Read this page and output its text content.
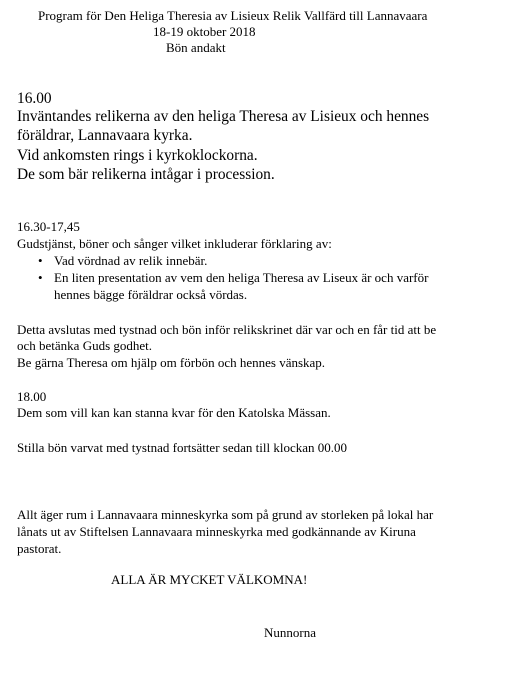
Program för Den Heliga Theresia av Lisieux Relik Vallfärd till Lannavaara

18-19 oktober 2018

Bön andakt

16.00

Inväntandes relikerna av den heliga Theresa av Lisieux och hennes

föräldrar, Lannavaara kyrka.

Vid ankomsten rings i kyrkoklockorna.

De som bär relikerna intågar i procession.

16.30-17,45

Gudstjänst, böner och sånger vilket inkluderar förklaring av:

• Vad vördnad av relik innebär.
• En liten presentation av vem den heliga Theresa av Liseux är och varför

hennes bägge föräldrar också vördas.

Detta avslutas med tystnad och bön inför relikskrinet där var och en får tid att be

och betänka Guds godhet.

Be gärna Theresa om hjälp om förbön och hennes vänskap.

18.00

Dem som vill kan kan stanna kvar för den Katolska Mässan.

Stilla bön varvat med tystnad fortsätter sedan till klockan 00.00

Allt äger rum i Lannavaara minneskyrka som på grund av storleken på lokal har

lånats ut av Stiftelsen Lannavaara minneskyrka med godkännande av Kiruna

pastorat.

ALLA ÄR MYCKET VÄLKOMNA!

Nunnorna
